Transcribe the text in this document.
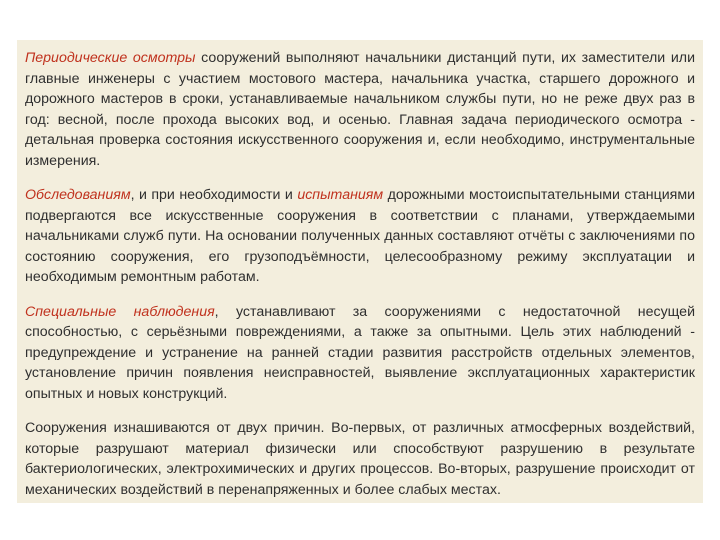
Периодические осмотры сооружений выполняют начальники дистанций пути, их заместители или главные инженеры с участием мостового мастера, начальника участка, старшего дорожного и дорожного мастеров в сроки, устанавливаемые начальником службы пути, но не реже двух раз в год: весной, после прохода высоких вод, и осенью. Главная задача периодического осмотра - детальная проверка состояния искусственного сооружения и, если необходимо, инструментальные измерения.

Обследованиям, и при необходимости и испытаниям дорожными мостоиспытательными станциями подвергаются все искусственные сооружения в соответствии с планами, утверждаемыми начальниками служб пути. На основании полученных данных составляют отчёты с заключениями по состоянию сооружения, его грузоподъёмности, целесообразному режиму эксплуатации и необходимым ремонтным работам.

Специальные наблюдения, устанавливают за сооружениями с недостаточной несущей способностью, с серьёзными повреждениями, а также за опытными. Цель этих наблюдений - предупреждение и устранение на ранней стадии развития расстройств отдельных элементов, установление причин появления неисправностей, выявление эксплуатационных характеристик опытных и новых конструкций.

Сооружения изнашиваются от двух причин. Во-первых, от различных атмосферных воздействий, которые разрушают материал физически или способствуют разрушению в результате бактериологических, электрохимических и других процессов. Во-вторых, разрушение происходит от механических воздействий в перенапряженных и более слабых местах.
